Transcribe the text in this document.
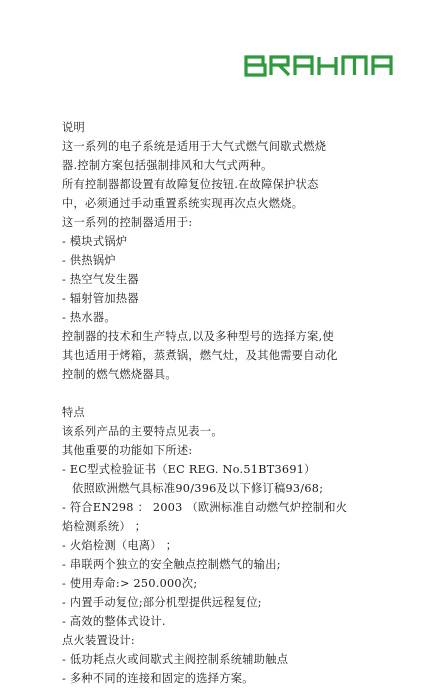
说明
这一系列的电子系统是适用于大气式燃气间歇式燃烧
器.控制方案包括强制排风和大气式两种。
所有控制器都设置有故障复位按钮.在故障保护状态
中，必须通过手动重置系统实现再次点火燃烧。
这一系列的控制器适用于:
- 模块式锅炉
- 供热锅炉
- 热空气发生器
- 辐射管加热器
- 热水器。
控制器的技术和生产特点,以及多种型号的选择方案,使
其也适用于烤箱，蒸煮锅，燃气灶，及其他需要自动化
控制的燃气燃烧器具。
特点
该系列产品的主要特点见表一。
其他重要的功能如下所述:
- EC型式检验证书（EC REG. No.51BT3691）
依照欧洲燃气具标准90/396及以下修订稿93/68;
- 符合EN298 ： 2003 （欧洲标准自动燃气炉控制和火
焰检测系统） ；
- 火焰检测（电离） ；
- 串联两个独立的安全触点控制燃气的输出;
- 使用寿命:> 250.000次;
- 内置手动复位;部分机型提供远程复位;
- 高效的整体式设计.
点火装置设计:
- 低功耗点火或间歇式主阀控制系统辅助触点
- 多种不同的连接和固定的选择方案。
